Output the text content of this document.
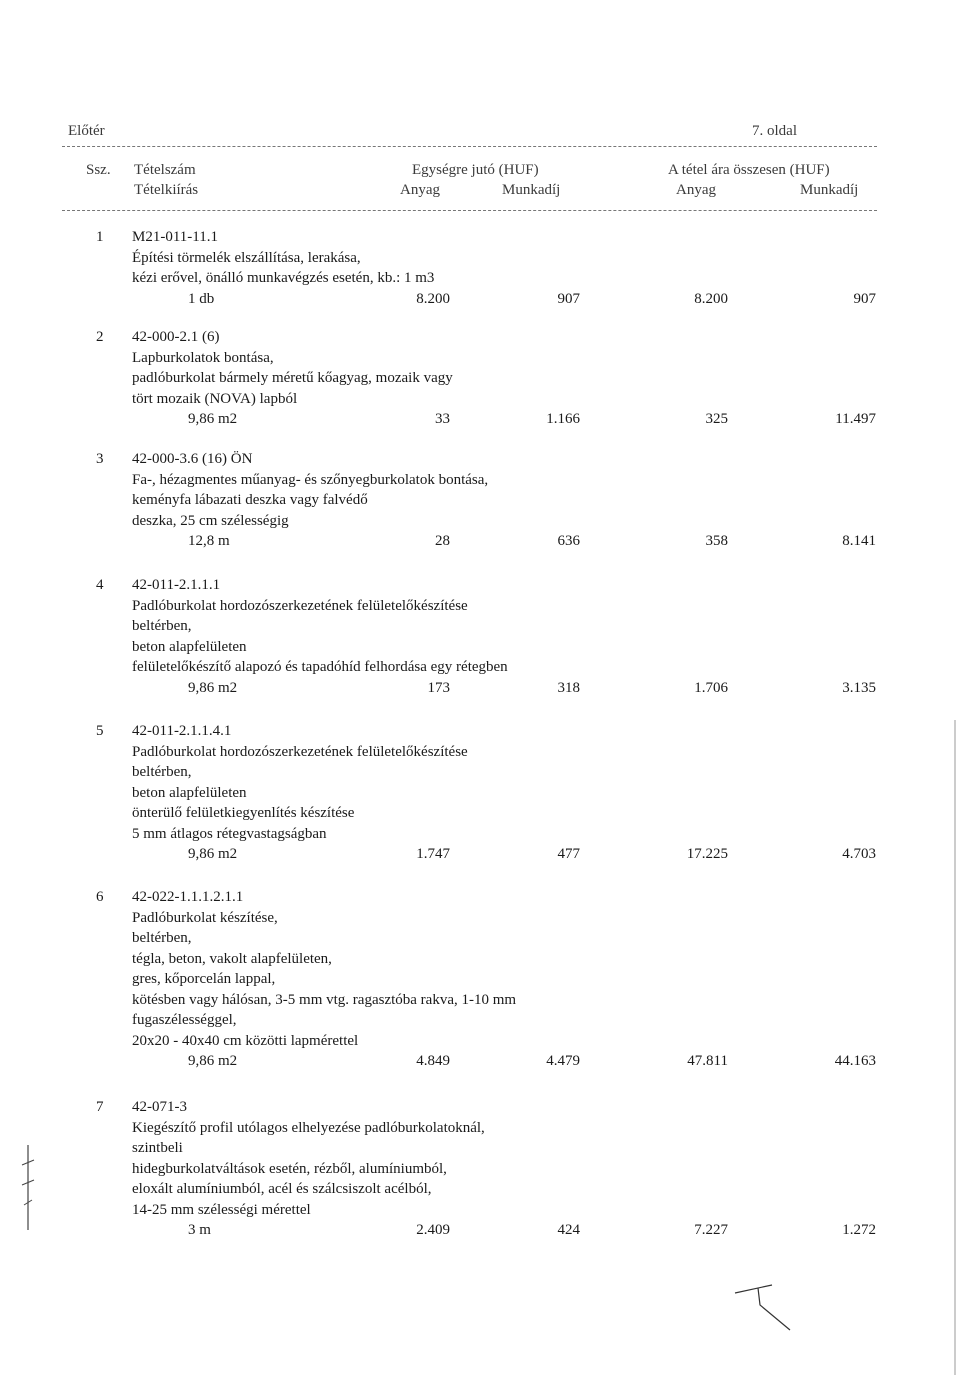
Előtér	7. oldal
Ssz. Tételszám
Tételkiírás
Egységre jutó (HUF)	A tétel ára összesen (HUF)
Anyag	Munkadíj	Anyag	Munkadíj
1 M21-011-11.1
Építési törmelék elszállítása, lerakása,
kézi erővel, önálló munkavégzés esetén, kb.: 1 m3
1 db	8.200	907	8.200	907
2 42-000-2.1 (6)
Lapburkolatok bontása,
padlóburkolat bármely méretű kőagyag, mozaik vagy
tört mozaik (NOVA) lapból
9,86 m2	33	1.166	325	11.497
3 42-000-3.6 (16) ÖN
Fa-, hézagmentes műanyag- és szőnyegburkolatok bontása,
keményfa lábazati deszka vagy falvédő
deszka, 25 cm szélességig
12,8 m	28	636	358	8.141
4 42-011-2.1.1.1
Padlóburkolat hordozószerkezetének felületelőkészítése
beltérben,
beton alapfelületen
felületelőkészítő alapozó és tapadóhíd felhordása egy rétegben
9,86 m2	173	318	1.706	3.135
5 42-011-2.1.1.4.1
Padlóburkolat hordozószerkezetének felületelőkészítése
beltérben,
beton alapfelületen
önterülő felületkiegyenlítés készítése
5 mm átlagos rétegvastagságban
9,86 m2	1.747	477	17.225	4.703
6 42-022-1.1.1.2.1.1
Padlóburkolat készítése,
beltérben,
tégla, beton, vakolt alapfelületen,
gres, kőporcelán lappal,
kötésben vagy hálósan, 3-5 mm vtg. ragasztóba rakva, 1-10 mm
fugaszélességgel,
20x20 - 40x40 cm közötti lapmérettel
9,86 m2	4.849	4.479	47.811	44.163
7 42-071-3
Kiegészítő profil utólagos elhelyezése padlóburkolatoknál,
szintbeli
hidegburkolatváltások esetén, rézből, alumíniumból,
eloxált alumíniumból, acél és szálcsiszolt acélból,
14-25 mm szélességi mérettel
3 m	2.409	424	7.227	1.272
